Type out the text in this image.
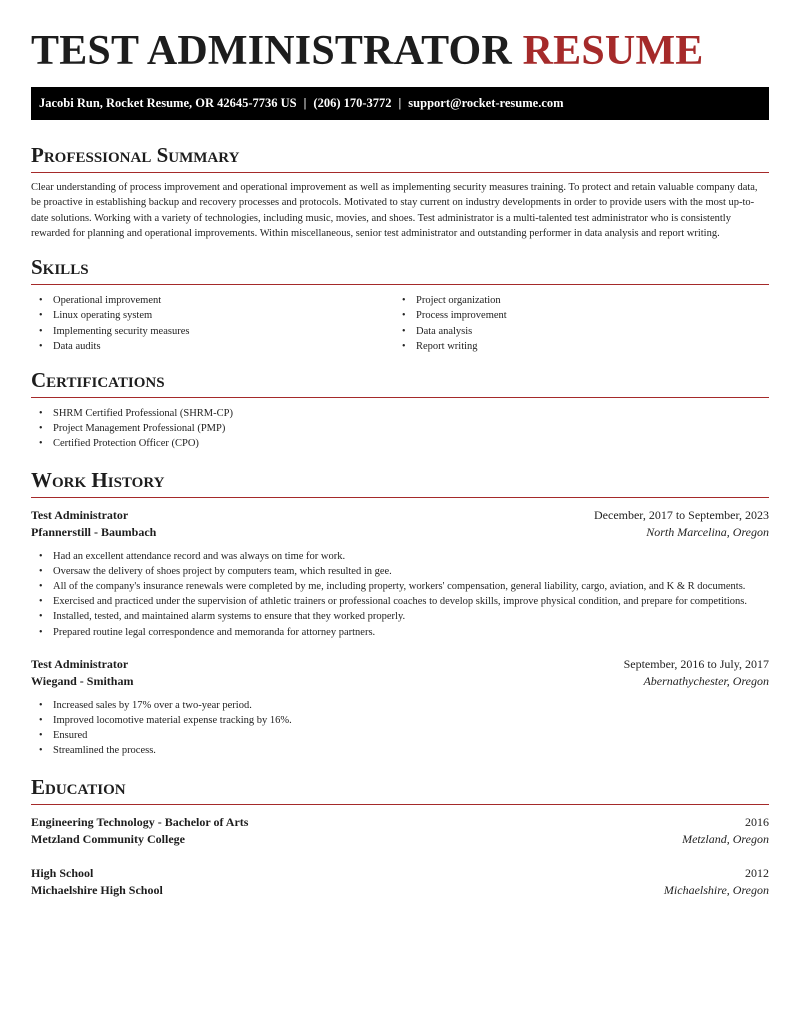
TEST ADMINISTRATOR RESUME
Jacobi Run, Rocket Resume, OR 42645-7736 US | (206) 170-3772 | support@rocket-resume.com
Professional Summary

Clear understanding of process improvement and operational improvement as well as implementing security measures training. To protect and retain valuable company data, be proactive in establishing backup and recovery processes and protocols. Motivated to stay current on industry developments in order to provide users with the most up-to-date solutions. Working with a variety of technologies, including music, movies, and shoes. Test administrator is a multi-talented test administrator who is consistently rewarded for planning and operational improvements. Within miscellaneous, senior test administrator and outstanding performer in data analysis and report writing.

Skills
• Operational improvement
• Linux operating system
• Implementing security measures
• Data audits
• Project organization
• Process improvement
• Data analysis
• Report writing
Certifications
• SHRM Certified Professional (SHRM-CP)
• Project Management Professional (PMP)
• Certified Protection Officer (CPO)
Work History
Test Administrator	December, 2017 to September, 2023
Pfannerstill - Baumbach	North Marcelina, Oregon
• Had an excellent attendance record and was always on time for work.
• Oversaw the delivery of shoes project by computers team, which resulted in gee.
• All of the company's insurance renewals were completed by me, including property, workers' compensation, general liability, cargo, aviation, and K & R documents.
• Exercised and practiced under the supervision of athletic trainers or professional coaches to develop skills, improve physical condition, and prepare for competitions.
• Installed, tested, and maintained alarm systems to ensure that they worked properly.
• Prepared routine legal correspondence and memoranda for attorney partners.
Test Administrator	September, 2016 to July, 2017
Wiegand - Smitham	Abernathychester, Oregon
• Increased sales by 17% over a two-year period.
• Improved locomotive material expense tracking by 16%.
• Ensured
• Streamlined the process.
Education
Engineering Technology - Bachelor of Arts	2016
Metzland Community College	Metzland, Oregon
High School	2012
Michaelshire High School	Michaelshire, Oregon
